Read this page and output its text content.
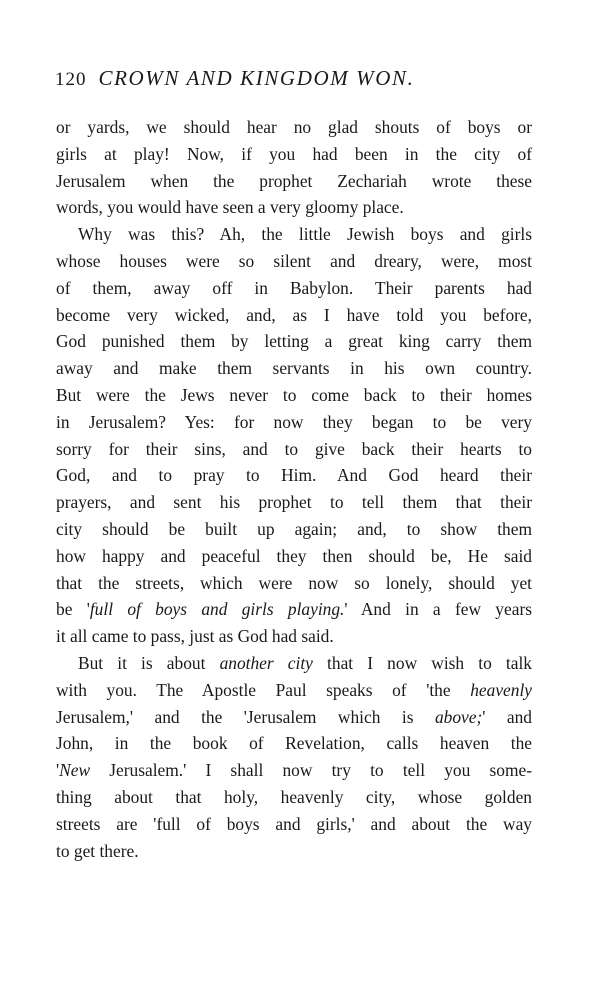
120 CROWN AND KINGDOM WON.
or yards, we should hear no glad shouts of boys or
girls at play! Now, if you had been in the city of
Jerusalem when the prophet Zechariah wrote these
words, you would have seen a very gloomy place.
Why was this? Ah, the little Jewish boys and girls
whose houses were so silent and dreary, were, most
of them, away off in Babylon. Their parents had
become very wicked, and, as I have told you before,
God punished them by letting a great king carry them
away and make them servants in his own country.
But were the Jews never to come back to their homes
in Jerusalem? Yes: for now they began to be very
sorry for their sins, and to give back their hearts to
God, and to pray to Him. And God heard their
prayers, and sent his prophet to tell them that their
city should be built up again; and, to show them
how happy and peaceful they then should be, He said
that the streets, which were now so lonely, should yet
be 'full of boys and girls playing.' And in a few years
it all came to pass, just as God had said.
But it is about another city that I now wish to talk
with you. The Apostle Paul speaks of 'the heavenly
Jerusalem,' and the 'Jerusalem which is above;' and
John, in the book of Revelation, calls heaven the
'New Jerusalem.' I shall now try to tell you some-
thing about that holy, heavenly city, whose golden
streets are 'full of boys and girls,' and about the way
to get there.
